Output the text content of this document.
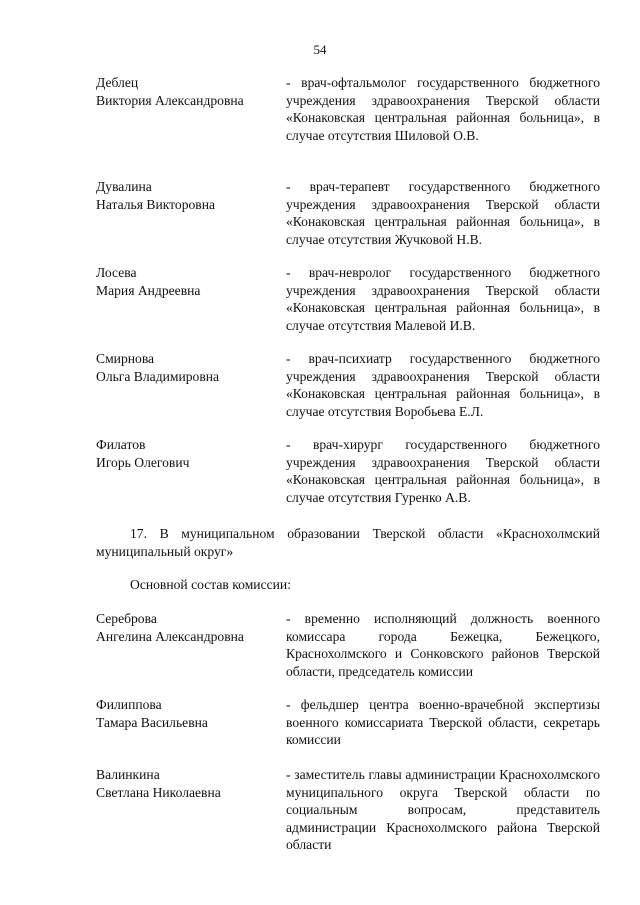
54
Деблец
Виктория Александровна
- врач-офтальмолог государственного бюджетного учреждения здравоохранения Тверской области «Конаковская центральная районная больница», в случае отсутствия Шиловой О.В.
Дувалина
Наталья Викторовна
- врач-терапевт государственного бюджетного учреждения здравоохранения Тверской области «Конаковская центральная районная больница», в случае отсутствия Жучковой Н.В.
Лосева
Мария Андреевна
- врач-невролог государственного бюджетного учреждения здравоохранения Тверской области «Конаковская центральная районная больница», в случае отсутствия Малевой И.В.
Смирнова
Ольга Владимировна
- врач-психиатр государственного бюджетного учреждения здравоохранения Тверской области «Конаковская центральная районная больница», в случае отсутствия Воробьева Е.Л.
Филатов
Игорь Олегович
- врач-хирург государственного бюджетного учреждения здравоохранения Тверской области «Конаковская центральная районная больница», в случае отсутствия Гуренко А.В.
17. В муниципальном образовании Тверской области «Краснохолмский муниципальный округ»
Основной состав комиссии:
Сереброва
Ангелина Александровна
- временно исполняющий должность военного комиссара города Бежецка, Бежецкого, Краснохолмского и Сонковского районов Тверской области, председатель комиссии
Филиппова
Тамара Васильевна
- фельдшер центра военно-врачебной экспертизы военного комиссариата Тверской области, секретарь комиссии
Валинкина
Светлана Николаевна
- заместитель главы администрации Краснохолмского муниципального округа Тверской области по социальным вопросам, представитель администрации Краснохолмского района Тверской области
